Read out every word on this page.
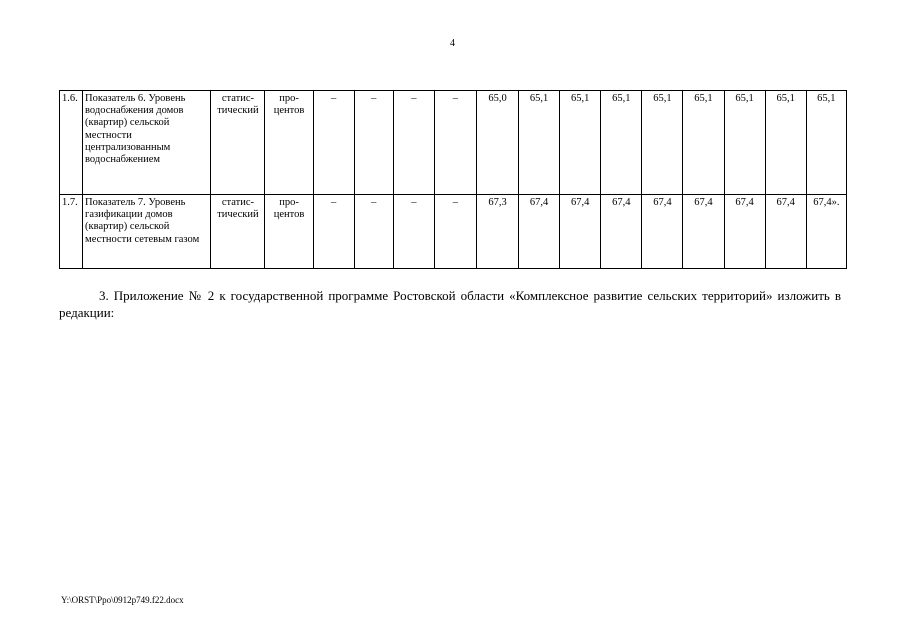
4
1.6.	Показатель 6. Уровень водоснабжения домов (квартир) сельской местности централизованным водоснабжением	статис-тический	про-центов	–	–	–	–	65,0	65,1	65,1	65,1	65,1	65,1	65,1	65,1	65,1
1.7.	Показатель 7. Уровень газификации домов (квартир) сельской местности сетевым газом	статис-тический	про-центов	–	–	–	–	67,3	67,4	67,4	67,4	67,4	67,4	67,4	67,4	67,4».
3. Приложение № 2 к государственной программе Ростовской области «Комплексное развитие сельских территорий» изложить в редакции:
Y:\ORST\Ppo\0912p749.f22.docx
